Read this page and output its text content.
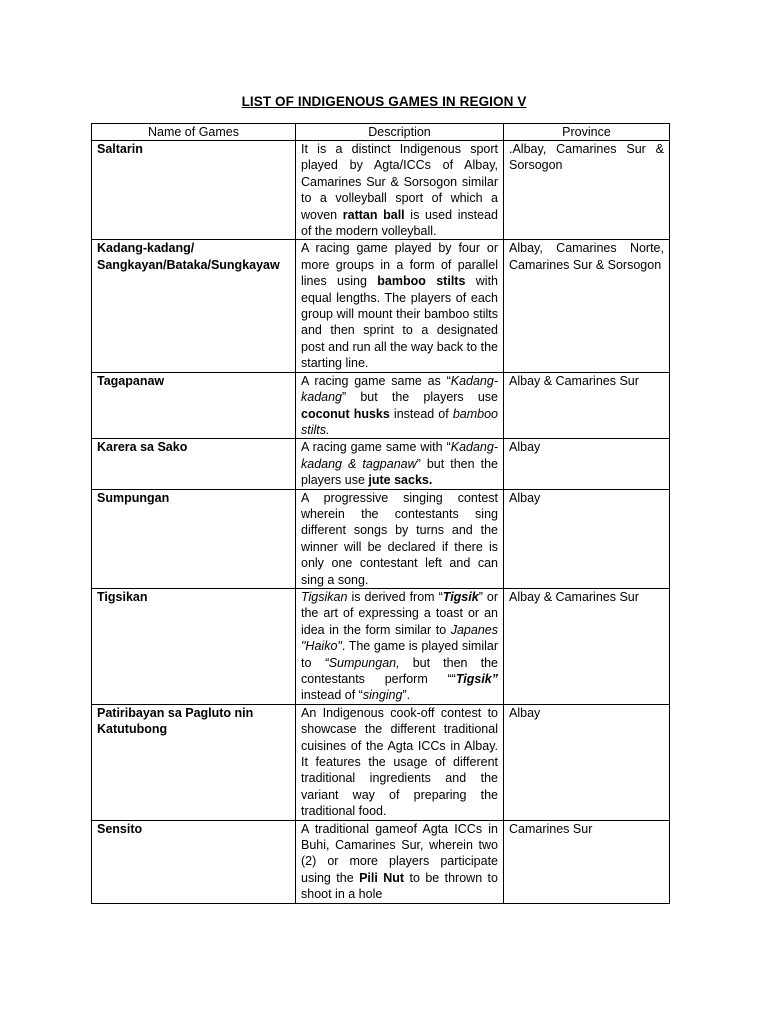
LIST OF INDIGENOUS GAMES IN REGION V
Name of Games	Description	Province
Saltarin	It is a distinct Indigenous sport played by Agta/ICCs of Albay, Camarines Sur & Sorsogon similar to a volleyball sport of which a woven rattan ball is used instead of the modern volleyball.	.Albay, Camarines Sur & Sorsogon
Kadang-kadang/ Sangkayan/Bataka/Sungkayaw	A racing game played by four or more groups in a form of parallel lines using bamboo stilts with equal lengths. The players of each group will mount their bamboo stilts and then sprint to a designated post and run all the way back to the starting line.	Albay, Camarines Norte, Camarines Sur & Sorsogon
Tagapanaw	A racing game same as “Kadang-kadang” but the players use coconut husks instead of bamboo stilts.	Albay & Camarines Sur
Karera sa Sako	A racing game same with “Kadang-kadang & tagpanaw” but then the players use jute sacks.	Albay
Sumpungan	A progressive singing contest wherein the contestants sing different songs by turns and the winner will be declared if there is only one contestant left and can sing a song.	Albay
Tigsikan	Tigsikan is derived from “Tigsik” or the art of expressing a toast or an idea in the form similar to Japanes "Haiko". The game is played similar to “Sumpungan, but then the contestants perform ““Tigsik” instead of “singing”.	Albay & Camarines Sur
Patiribayan sa Pagluto nin Katutubong	An Indigenous cook-off contest to showcase the different traditional cuisines of the Agta ICCs in Albay. It features the usage of different traditional ingredients and the variant way of preparing the traditional food.	Albay
Sensito	A traditional gameof Agta ICCs in Buhi, Camarines Sur, wherein two (2) or more players participate using the Pili Nut to be thrown to shoot in a hole	Camarines Sur
